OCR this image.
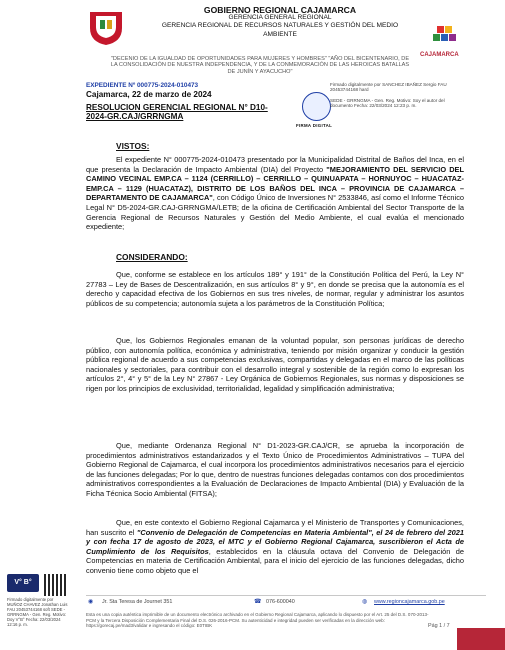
GOBIERNO REGIONAL CAJAMARCA
GERENCIA GENERAL REGIONAL
GERENCIA REGIONAL DE RECURSOS NATURALES Y GESTIÓN DEL MEDIO AMBIENTE
CAJAMARCA
"DECENIO DE LA IGUALDAD DE OPORTUNIDADES PARA MUJERES Y HOMBRES" "AÑO DEL BICENTENARIO, DE LA CONSOLIDACIÓN DE NUESTRA INDEPENDENCIA, Y DE LA CONMEMORACIÓN DE LAS HEROICAS BATALLAS DE JUNÍN Y AYACUCHO"
EXPEDIENTE Nº 000775-2024-010473
Cajamarca, 22 de marzo de 2024
RESOLUCION GERENCIAL REGIONAL N° D10-2024-GR.CAJ/GRRNGMA
FIRMA DIGITAL
Firmado digitalmente por SANCHEZ IBAÑEZ Sergio FAU 20453744168 hard
SEDE - GRRNGMA - Gen. Reg. Motivo: Soy el autor del documento Fecha: 22/03/2024 12:23 p. m.
VISTOS:

El expediente N° 000775-2024-010473 presentado por la Municipalidad Distrital de Baños del Inca, en el que presenta la Declaración de Impacto Ambiental (DIA) del Proyecto "MEJORAMIENTO DEL SERVICIO DEL CAMINO VECINAL EMP.CA – 1124 (CERRILLO) – CERRILLO – QUINUAPATA – HORNUYOC – HUACATAZ-EMP.CA – 1129 (HUACATAZ), DISTRITO DE LOS BAÑOS DEL INCA – PROVINCIA DE CAJAMARCA – DEPARTAMENTO DE CAJAMARCA", con Código Único de Inversiones N° 2533846, así como el Informe Técnico Legal N° D5-2024-GR.CAJ-GRRNGMA/LETB; de la oficina de Certificación Ambiental del Sector Transporte de la Gerencia Regional de Recursos Naturales y Gestión del Medio Ambiente, el cual evalúa el mencionado expediente;

CONSIDERANDO:

Que, conforme se establece en los artículos 189° y 191° de la Constitución Política del Perú, la Ley N° 27783 – Ley de Bases de Descentralización, en sus artículos 8° y 9°, en donde se precisa que la autonomía es el derecho y capacidad efectiva de los Gobiernos en sus tres niveles, de normar, regular y administrar los asuntos públicos de su competencia; autonomía sujeta a los parámetros de la Constitución Política;

Que, los Gobiernos Regionales emanan de la voluntad popular, son personas jurídicas de derecho público, con autonomía política, económica y administrativa, teniendo por misión organizar y conducir la gestión pública regional de acuerdo a sus competencias exclusivas, compartidas y delegadas en el marco de las políticas nacionales y sectoriales, para contribuir con el desarrollo integral y sostenible de la región como lo expresan los artículos 2°, 4° y 5° de la Ley N° 27867 - Ley Orgánica de Gobiernos Regionales, sus normas y disposiciones se rigen por los principios de exclusividad, territorialidad, legalidad y simplificación administrativa;

Que, mediante Ordenanza Regional N° D1-2023-GR.CAJ/CR, se aprueba la incorporación de procedimientos administrativos estandarizados y el Texto Único de Procedimientos Administrativos – TUPA del Gobierno Regional de Cajamarca, el cual incorpora los procedimientos administrativos necesarios para el ejercicio de las funciones delegadas; Por lo que, dentro de nuestras funciones delegadas contamos con dos procedimientos administrativos correspondientes a la Evaluación de Declaraciones de Impacto Ambiental (DIA) y Evaluación de la Ficha Técnica Socio Ambiental (FITSA);

Que, en este contexto el Gobierno Regional Cajamarca y el Ministerio de Transportes y Comunicaciones, han suscrito el "Convenio de Delegación de Competencias en Materia Ambiental", el 24 de febrero del 2021 y con fecha 17 de agosto de 2023, el MTC y el Gobierno Regional Cajamarca, suscribieron el Acta de Cumplimiento de los Requisitos, establecidos en la cláusula octava del Convenio de Delegación de Competencias en materia de Certificación Ambiental, para el inicio del ejercicio de las funciones delegadas, dicho convenio tiene como objeto que el

V° B°
Firmado digitalmente por MUÑOZ CHAVEZ Jonathan Luis FAU 20453744168 soft SEDE - GRRNGMA - Gen. Reg. Motivo: Doy V°B° Fecha: 22/03/2024 12:16 p. m.
◉ Jr. Sta Teresa de Journet 351	☎ 076-600040	◍ www.regioncajamarca.gob.pe
Esta es una copia auténtica imprimible de un documento electrónico archivado en el Gobierno Regional Cajamarca, aplicando lo dispuesto por el Art. 25 del D.S. 070-2013-PCM y la Tercera Disposición Complementaria Final del D.S. 026-2016-PCM. Su autenticidad e integridad pueden ser verificadas en la dirección web: https://gorecaj.pe/mad3/validar e ingresando el código: E0TIBK	Pág 1 / 7
